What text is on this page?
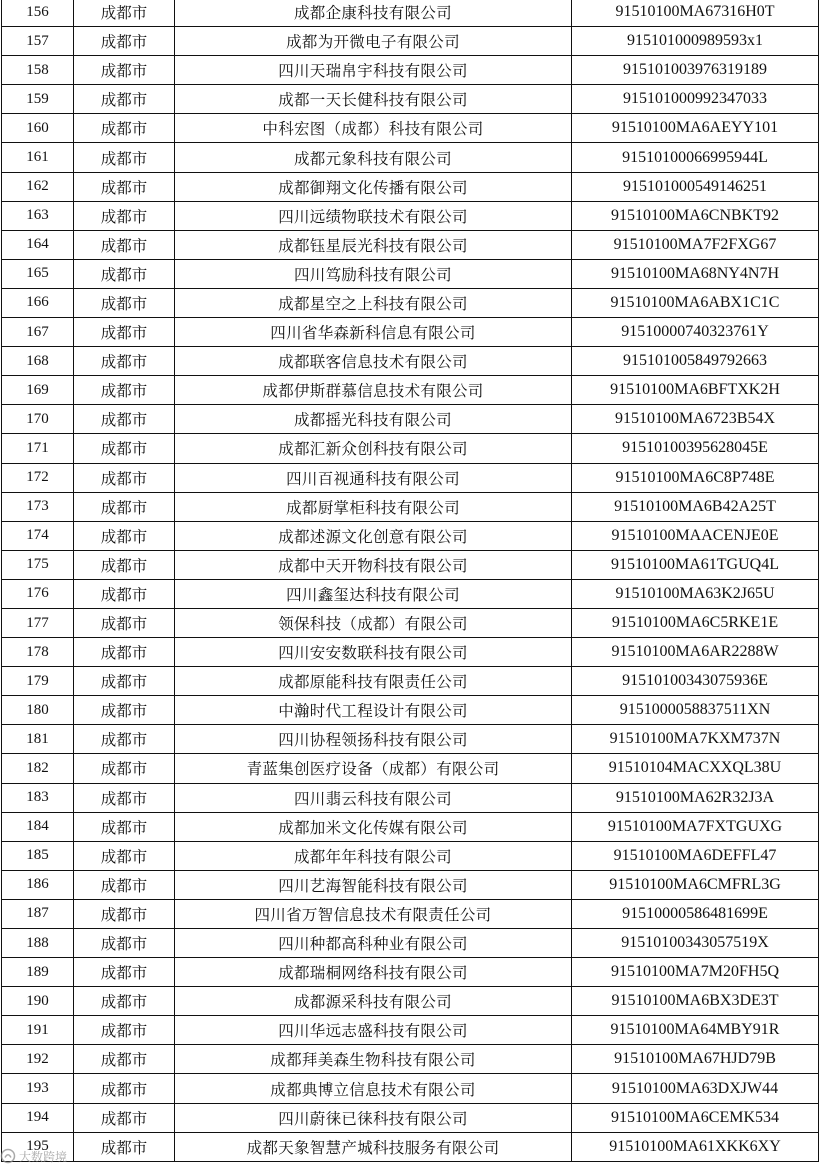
156	成都市	成都企康科技有限公司	91510100MA67316H0T
157	成都市	成都为开微电子有限公司	915101000989593x1
158	成都市	四川天瑞帛宇科技有限公司	915101003976319189
159	成都市	成都一天长健科技有限公司	915101000992347033
160	成都市	中科宏图（成都）科技有限公司	91510100MA6AEYY101
161	成都市	成都元象科技有限公司	91510100066995944L
162	成都市	成都御翔文化传播有限公司	915101000549146251
163	成都市	四川远绩物联技术有限公司	91510100MA6CNBKT92
164	成都市	成都钰星辰光科技有限公司	91510100MA7F2FXG67
165	成都市	四川笃励科技有限公司	91510100MA68NY4N7H
166	成都市	成都星空之上科技有限公司	91510100MA6ABX1C1C
167	成都市	四川省华森新科信息有限公司	91510000740323761Y
168	成都市	成都联客信息技术有限公司	915101005849792663
169	成都市	成都伊斯群慕信息技术有限公司	91510100MA6BFTXK2H
170	成都市	成都摇光科技有限公司	91510100MA6723B54X
171	成都市	成都汇新众创科技有限公司	91510100395628045E
172	成都市	四川百视通科技有限公司	91510100MA6C8P748E
173	成都市	成都厨掌柜科技有限公司	91510100MA6B42A25T
174	成都市	成都述源文化创意有限公司	91510100MAACENJE0E
175	成都市	成都中天开物科技有限公司	91510100MA61TGUQ4L
176	成都市	四川鑫玺达科技有限公司	91510100MA63K2J65U
177	成都市	领保科技（成都）有限公司	91510100MA6C5RKE1E
178	成都市	四川安安数联科技有限公司	91510100MA6AR2288W
179	成都市	成都原能科技有限责任公司	91510100343075936E
180	成都市	中瀚时代工程设计有限公司	9151000058837511XN
181	成都市	四川协程领扬科技有限公司	91510100MA7KXM737N
182	成都市	青蓝集创医疗设备（成都）有限公司	91510104MACXXQL38U
183	成都市	四川翡云科技有限公司	91510100MA62R32J3A
184	成都市	成都加米文化传媒有限公司	91510100MA7FXTGUXG
185	成都市	成都年年科技有限公司	91510100MA6DEFFL47
186	成都市	四川艺海智能科技有限公司	91510100MA6CMFRL3G
187	成都市	四川省万智信息技术有限责任公司	91510000586481699E
188	成都市	四川种都高科种业有限公司	91510100343057519X
189	成都市	成都瑞桐网络科技有限公司	91510100MA7M20FH5Q
190	成都市	成都源采科技有限公司	91510100MA6BX3DE3T
191	成都市	四川华远志盛科技有限公司	91510100MA64MBY91R
192	成都市	成都拜美森生物科技有限公司	91510100MA67HJD79B
193	成都市	成都典博立信息技术有限公司	91510100MA63DXJW44
194	成都市	四川蔚徕已徕科技有限公司	91510100MA6CEMK534
195	成都市	成都天象智慧产城科技服务有限公司	91510100MA61XKK6XY
大数跨境
